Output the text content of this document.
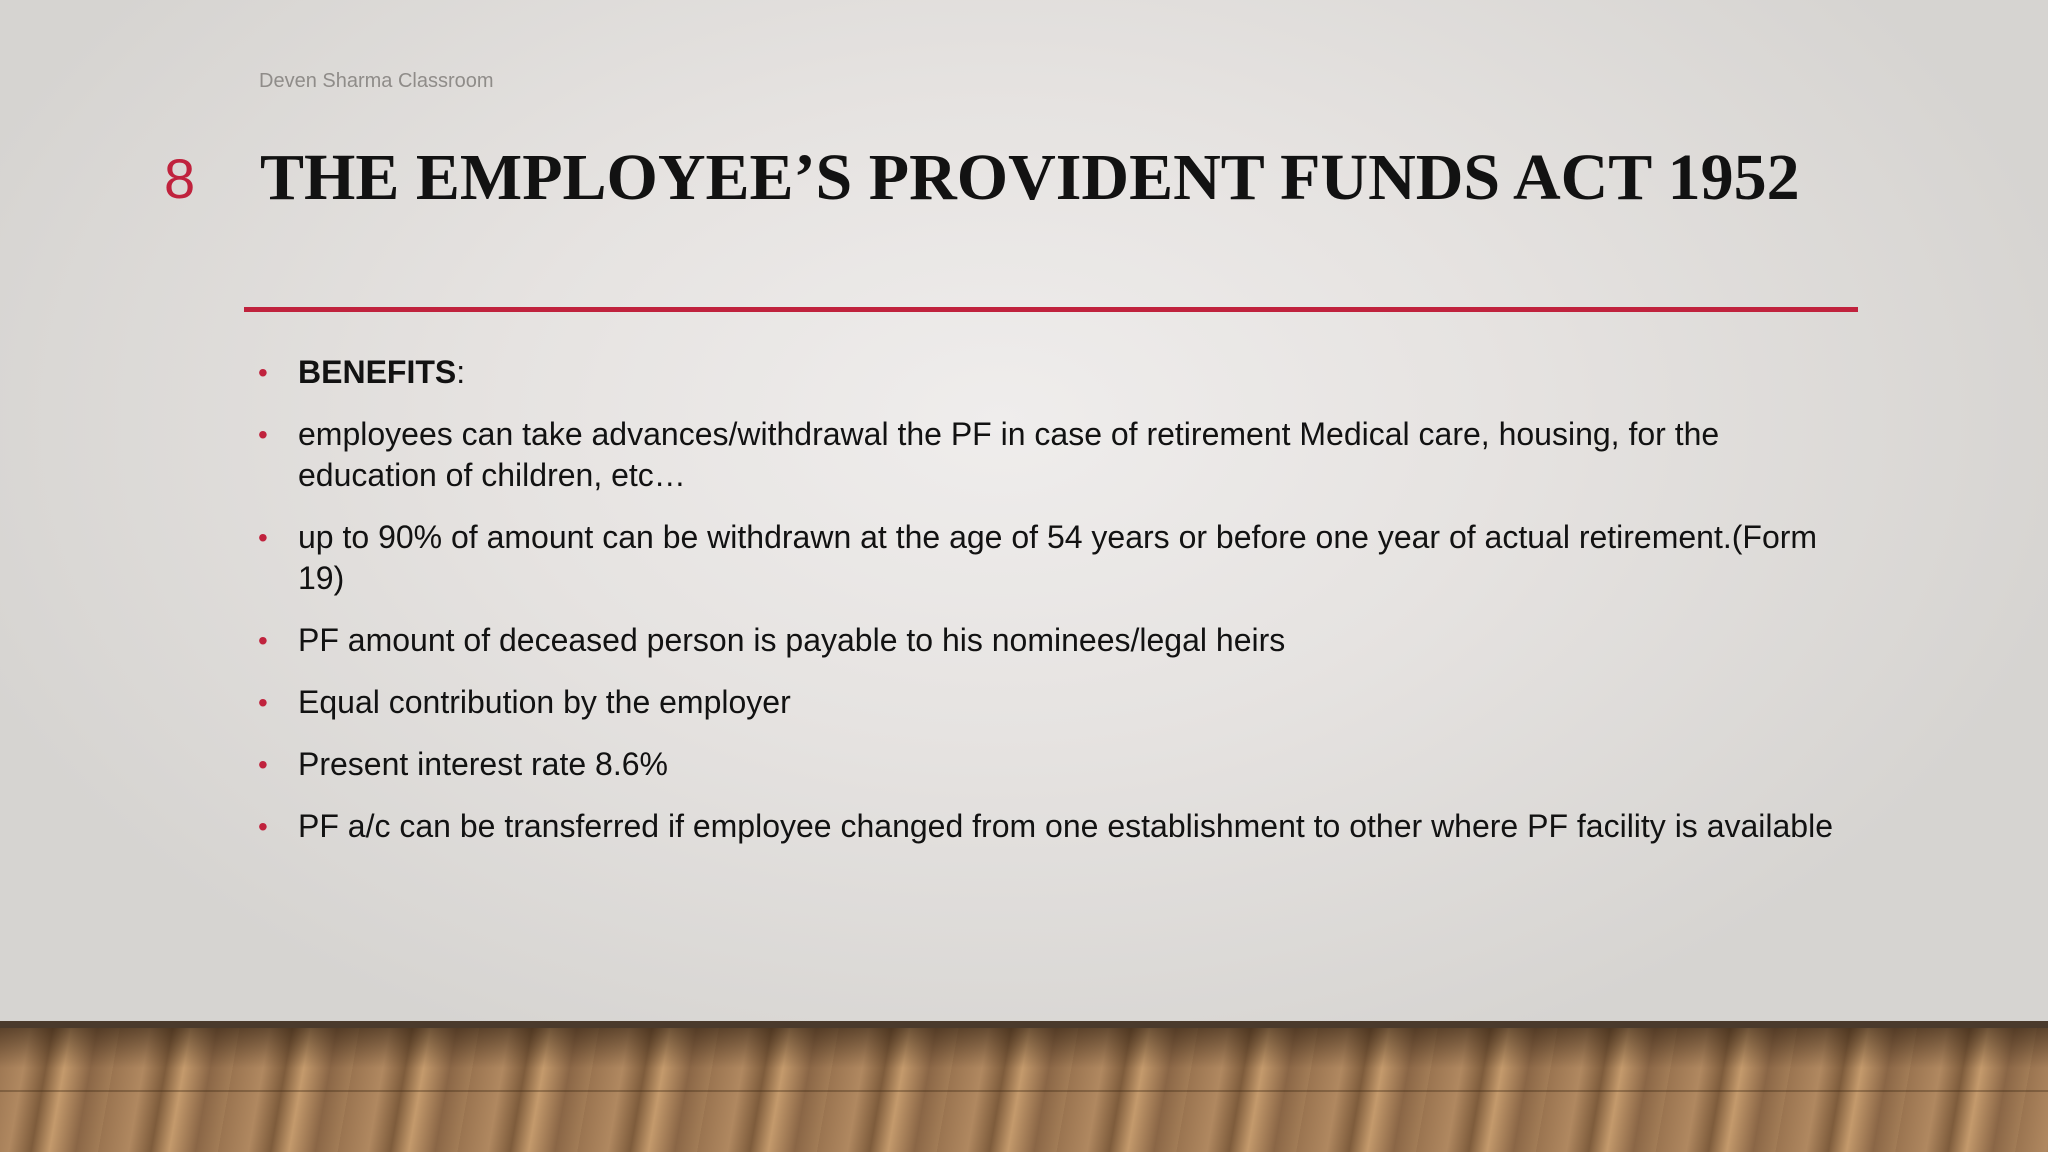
Deven Sharma Classroom
8 THE EMPLOYEE’S PROVIDENT FUNDS ACT 1952
• BENEFITS:
• employees can take advances/withdrawal the PF in case of retirement Medical care, housing, for the education of children, etc…
• up to 90% of amount can be withdrawn at the age of 54 years or before one year of actual retirement.(Form 19)
• PF amount of deceased person is payable to his nominees/legal heirs
• Equal contribution by the employer
• Present interest rate 8.6%
• PF a/c can be transferred if employee changed from one establishment to other where PF facility is available
